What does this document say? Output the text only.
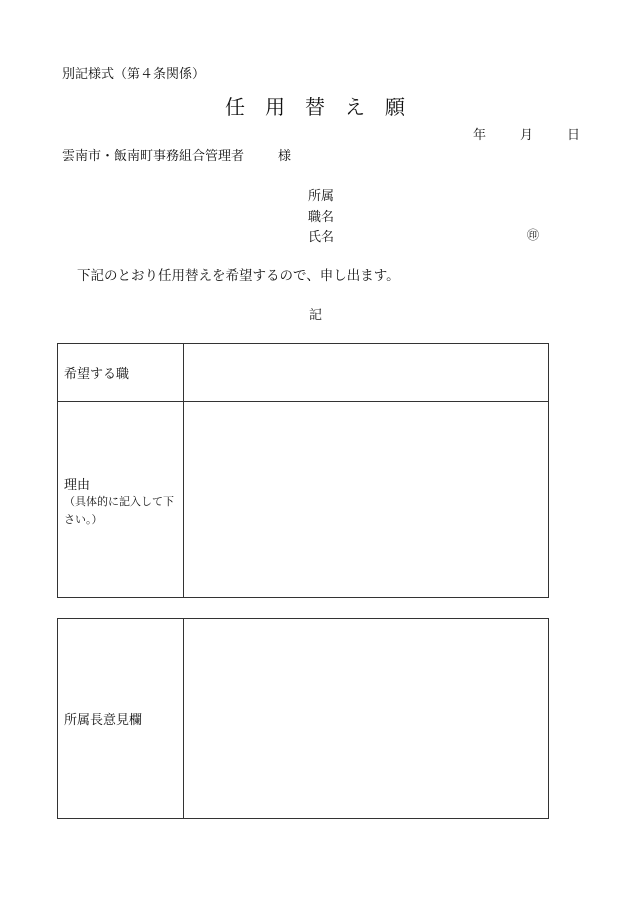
別記様式（第４条関係）
任　用　替　え　願
年	月	日
雲南市・飯南町事務組合管理者	様
所属
職名
氏名	㊞
下記のとおり任用替えを希望するので、申し出ます。
記
希望する職	

理由
（具体的に記入して下
さい。）	

所属長意見欄	
